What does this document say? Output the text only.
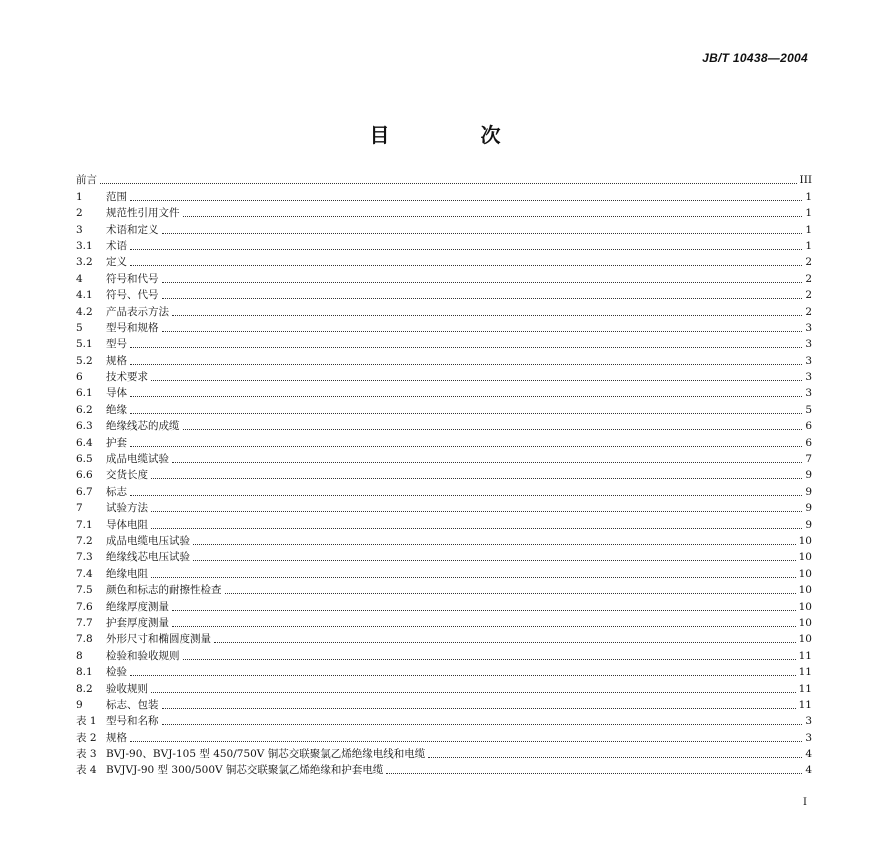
JB/T 10438—2004
目 次
前言	III
1	范围	1
2	规范性引用文件	1
3	术语和定义	1
3.1	术语	1
3.2	定义	2
4	符号和代号	2
4.1	符号、代号	2
4.2	产品表示方法	2
5	型号和规格	3
5.1	型号	3
5.2	规格	3
6	技术要求	3
6.1	导体	3
6.2	绝缘	5
6.3	绝缘线芯的成缆	6
6.4	护套	6
6.5	成品电缆试验	7
6.6	交货长度	9
6.7	标志	9
7	试验方法	9
7.1	导体电阻	9
7.2	成品电缆电压试验	10
7.3	绝缘线芯电压试验	10
7.4	绝缘电阻	10
7.5	颜色和标志的耐擦性检查	10
7.6	绝缘厚度测量	10
7.7	护套厚度测量	10
7.8	外形尺寸和椭圆度测量	10
8	检验和验收规则	11
8.1	检验	11
8.2	验收规则	11
9	标志、包装	11
表 1 型号和名称	3
表 2 规格	3
表 3 BVJ-90、BVJ-105 型 450/750V 铜芯交联聚氯乙烯绝缘电线和电缆	4
表 4 BVJVJ-90 型 300/500V 铜芯交联聚氯乙烯绝缘和护套电缆	4
I
